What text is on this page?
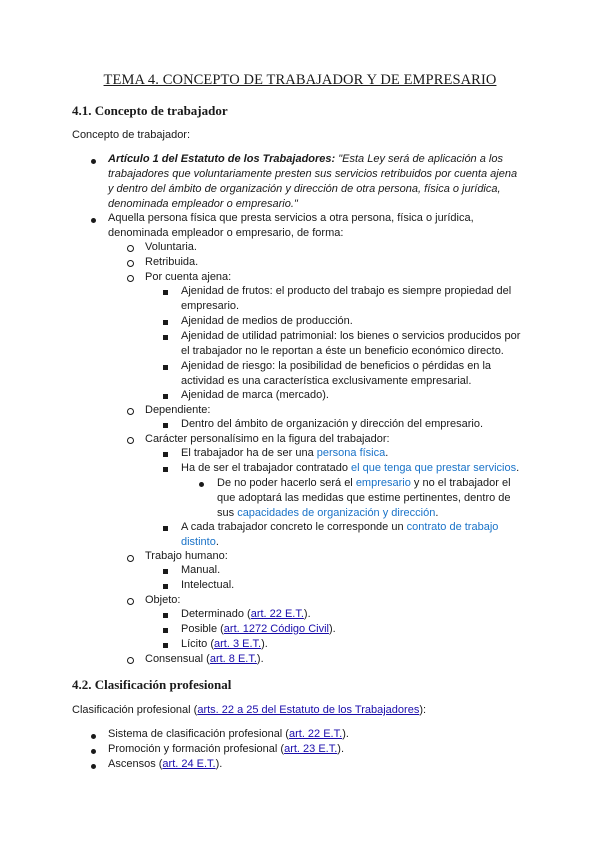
TEMA 4. CONCEPTO DE TRABAJADOR Y DE EMPRESARIO
4.1. Concepto de trabajador
Concepto de trabajador:
Artículo 1 del Estatuto de los Trabajadores: "Esta Ley será de aplicación a los
trabajadores que voluntariamente presten sus servicios retribuidos por cuenta ajena
y dentro del ámbito de organización y dirección de otra persona, física o jurídica,
denominada empleador o empresario."
Aquella persona física que presta servicios a otra persona, física o jurídica,
denominada empleador o empresario, de forma:
Voluntaria.
Retribuida.
Por cuenta ajena:
Ajenidad de frutos: el producto del trabajo es siempre propiedad del
empresario.
Ajenidad de medios de producción.
Ajenidad de utilidad patrimonial: los bienes o servicios producidos por
el trabajador no le reportan a éste un beneficio económico directo.
Ajenidad de riesgo: la posibilidad de beneficios o pérdidas en la
actividad es una característica exclusivamente empresarial.
Ajenidad de marca (mercado).
Dependiente:
Dentro del ámbito de organización y dirección del empresario.
Carácter personalísimo en la figura del trabajador:
El trabajador ha de ser una persona física.
Ha de ser el trabajador contratado el que tenga que prestar servicios.
De no poder hacerlo será el empresario y no el trabajador el
que adoptará las medidas que estime pertinentes, dentro de
sus capacidades de organización y dirección.
A cada trabajador concreto le corresponde un contrato de trabajo
distinto.
Trabajo humano:
Manual.
Intelectual.
Objeto:
Determinado (art. 22 E.T.).
Posible (art. 1272 Código Civil).
Lícito (art. 3 E.T.).
Consensual (art. 8 E.T.).
4.2. Clasificación profesional
Clasificación profesional (arts. 22 a 25 del Estatuto de los Trabajadores):
Sistema de clasificación profesional (art. 22 E.T.).
Promoción y formación profesional (art. 23 E.T.).
Ascensos (art. 24 E.T.).
